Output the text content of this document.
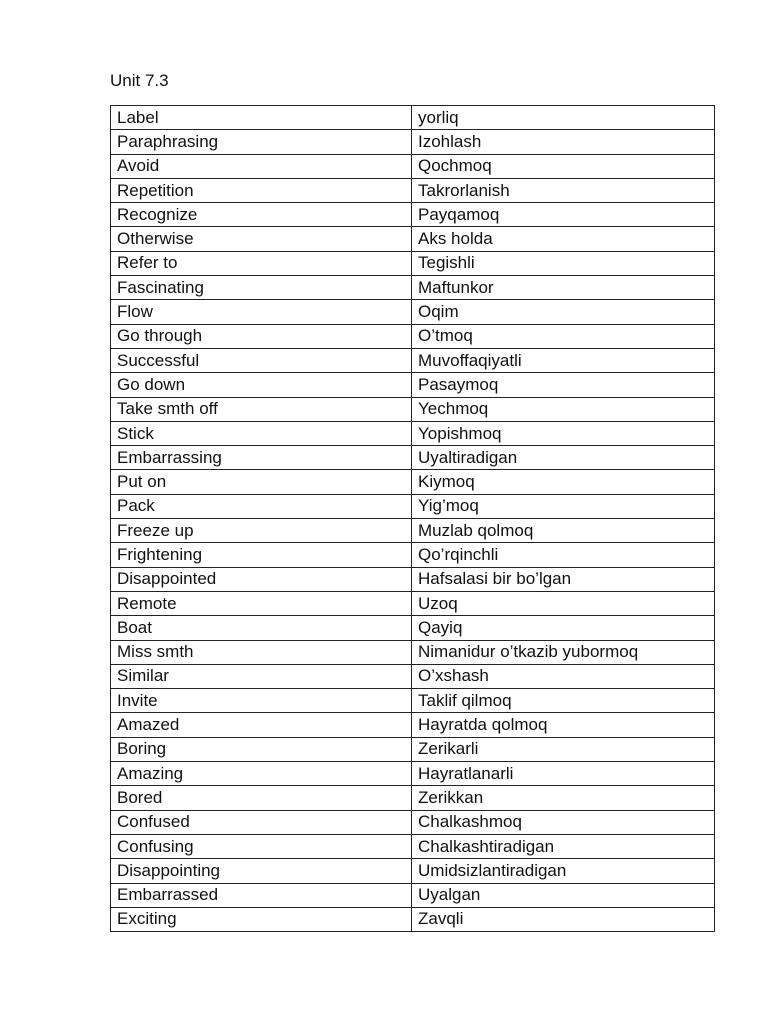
Unit 7.3
Label	yorliq
Paraphrasing	Izohlash
Avoid	Qochmoq
Repetition	Takrorlanish
Recognize	Payqamoq
Otherwise	Aks holda
Refer to	Tegishli
Fascinating	Maftunkor
Flow	Oqim
Go through	O’tmoq
Successful	Muvoffaqiyatli
Go down	Pasaymoq
Take smth off	Yechmoq
Stick	Yopishmoq
Embarrassing	Uyaltiradigan
Put on	Kiymoq
Pack	Yig’moq
Freeze up	Muzlab qolmoq
Frightening	Qo’rqinchli
Disappointed	Hafsalasi bir bo’lgan
Remote	Uzoq
Boat	Qayiq
Miss smth	Nimanidur o’tkazib yubormoq
Similar	O’xshash
Invite	Taklif qilmoq
Amazed	Hayratda qolmoq
Boring	Zerikarli
Amazing	Hayratlanarli
Bored	Zerikkan
Confused	Chalkashmoq
Confusing	Chalkashtiradigan
Disappointing	Umidsizlantiradigan
Embarrassed	Uyalgan
Exciting	Zavqli
